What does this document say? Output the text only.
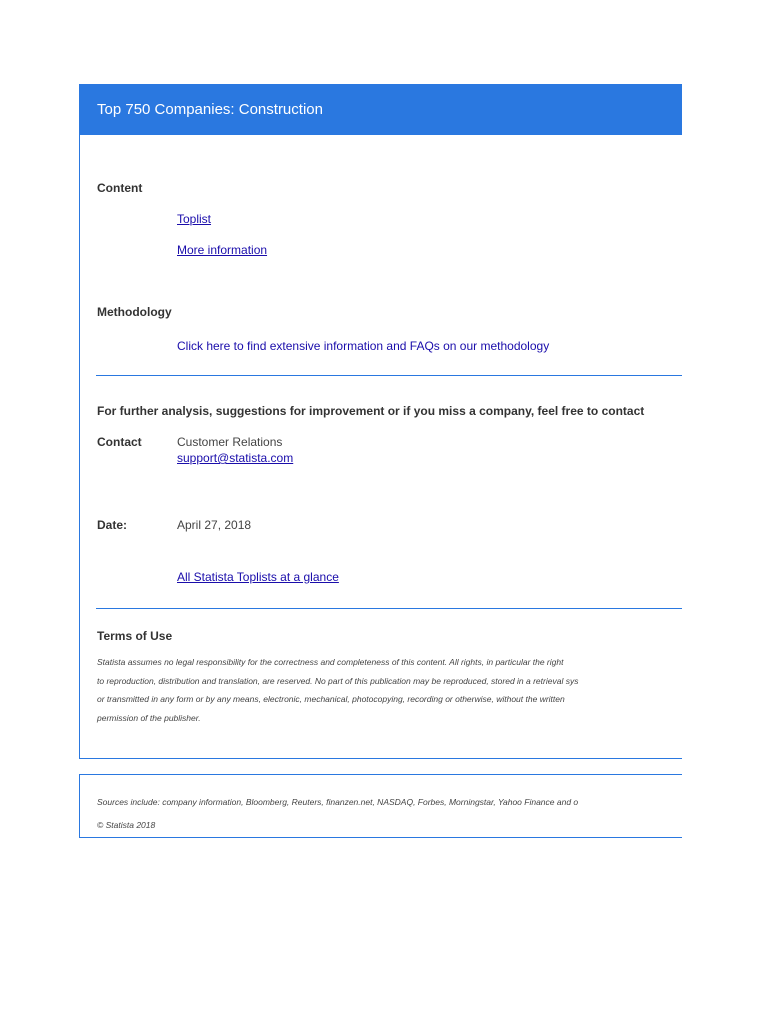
Top 750 Companies: Construction
Content
Toplist
More information
Methodology
Click here to find extensive information and FAQs on our methodology
For further analysis, suggestions for improvement or if you miss a company, feel free to contact
Contact	Customer Relations
support@statista.com
Date:	April 27, 2018
All Statista Toplists at a glance
Terms of Use
Statista assumes no legal responsibility for the correctness and completeness of this content. All rights, in particular the right
to reproduction, distribution and translation, are reserved. No part of this publication may be reproduced, stored in a retrieval sys
or transmitted in any form or by any means, electronic, mechanical, photocopying, recording or otherwise, without the written
permission of the publisher.
Sources include: company information, Bloomberg, Reuters, finanzen.net, NASDAQ, Forbes, Morningstar, Yahoo Finance and o
© Statista 2018
